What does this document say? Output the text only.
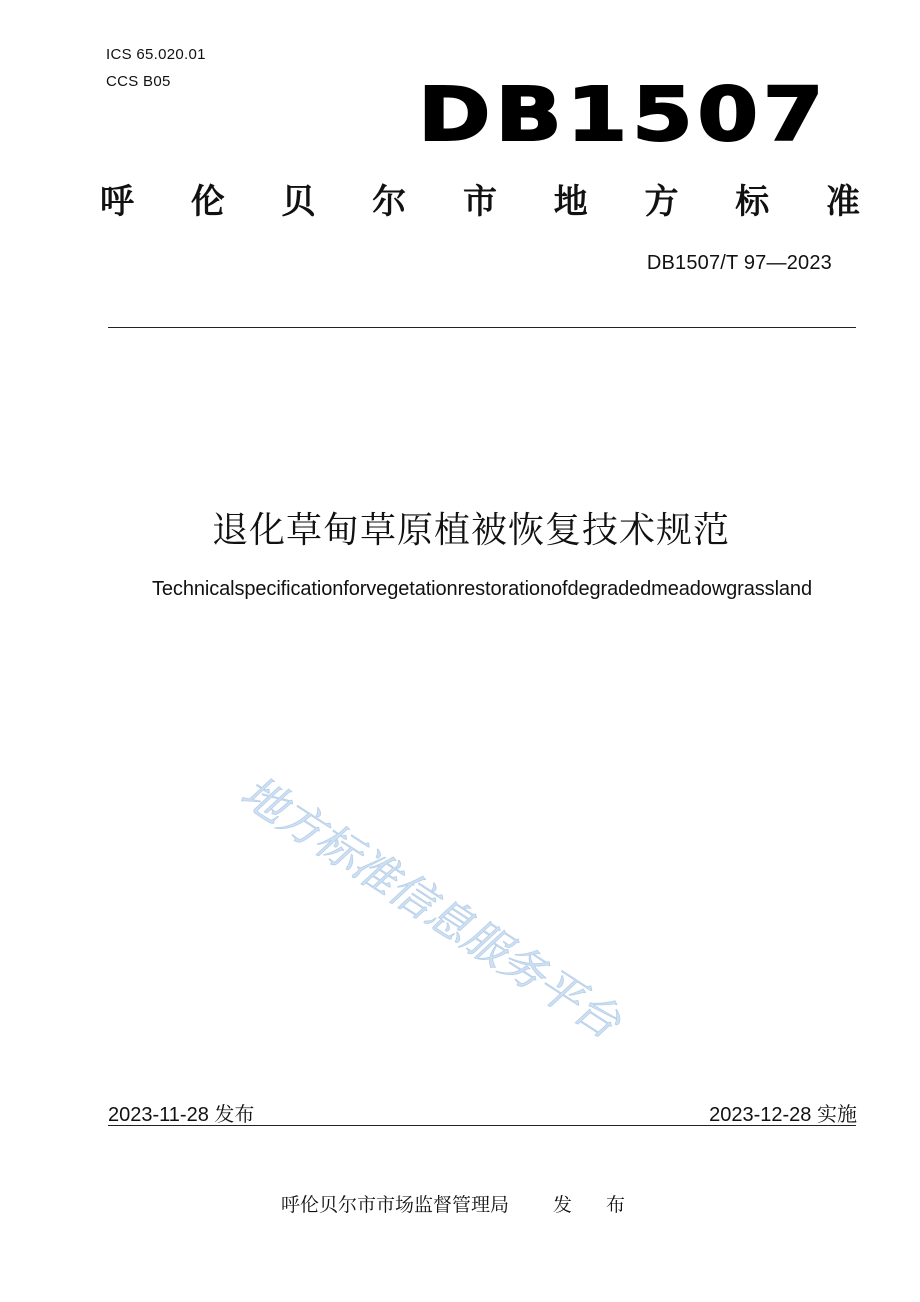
ICS 65.020.01
CCS B05	DB1507
呼 伦 贝 尔 市 地 方 标 准
DB1507/T 97—2023
退化草甸草原植被恢复技术规范
Technicalspecificationforvegetationrestorationofdegradedmeadowgrassland
地方标准信息服务平台
2023-11-28 发布	2023-12-28 实施
呼伦贝尔市市场监督管理局 发 布
